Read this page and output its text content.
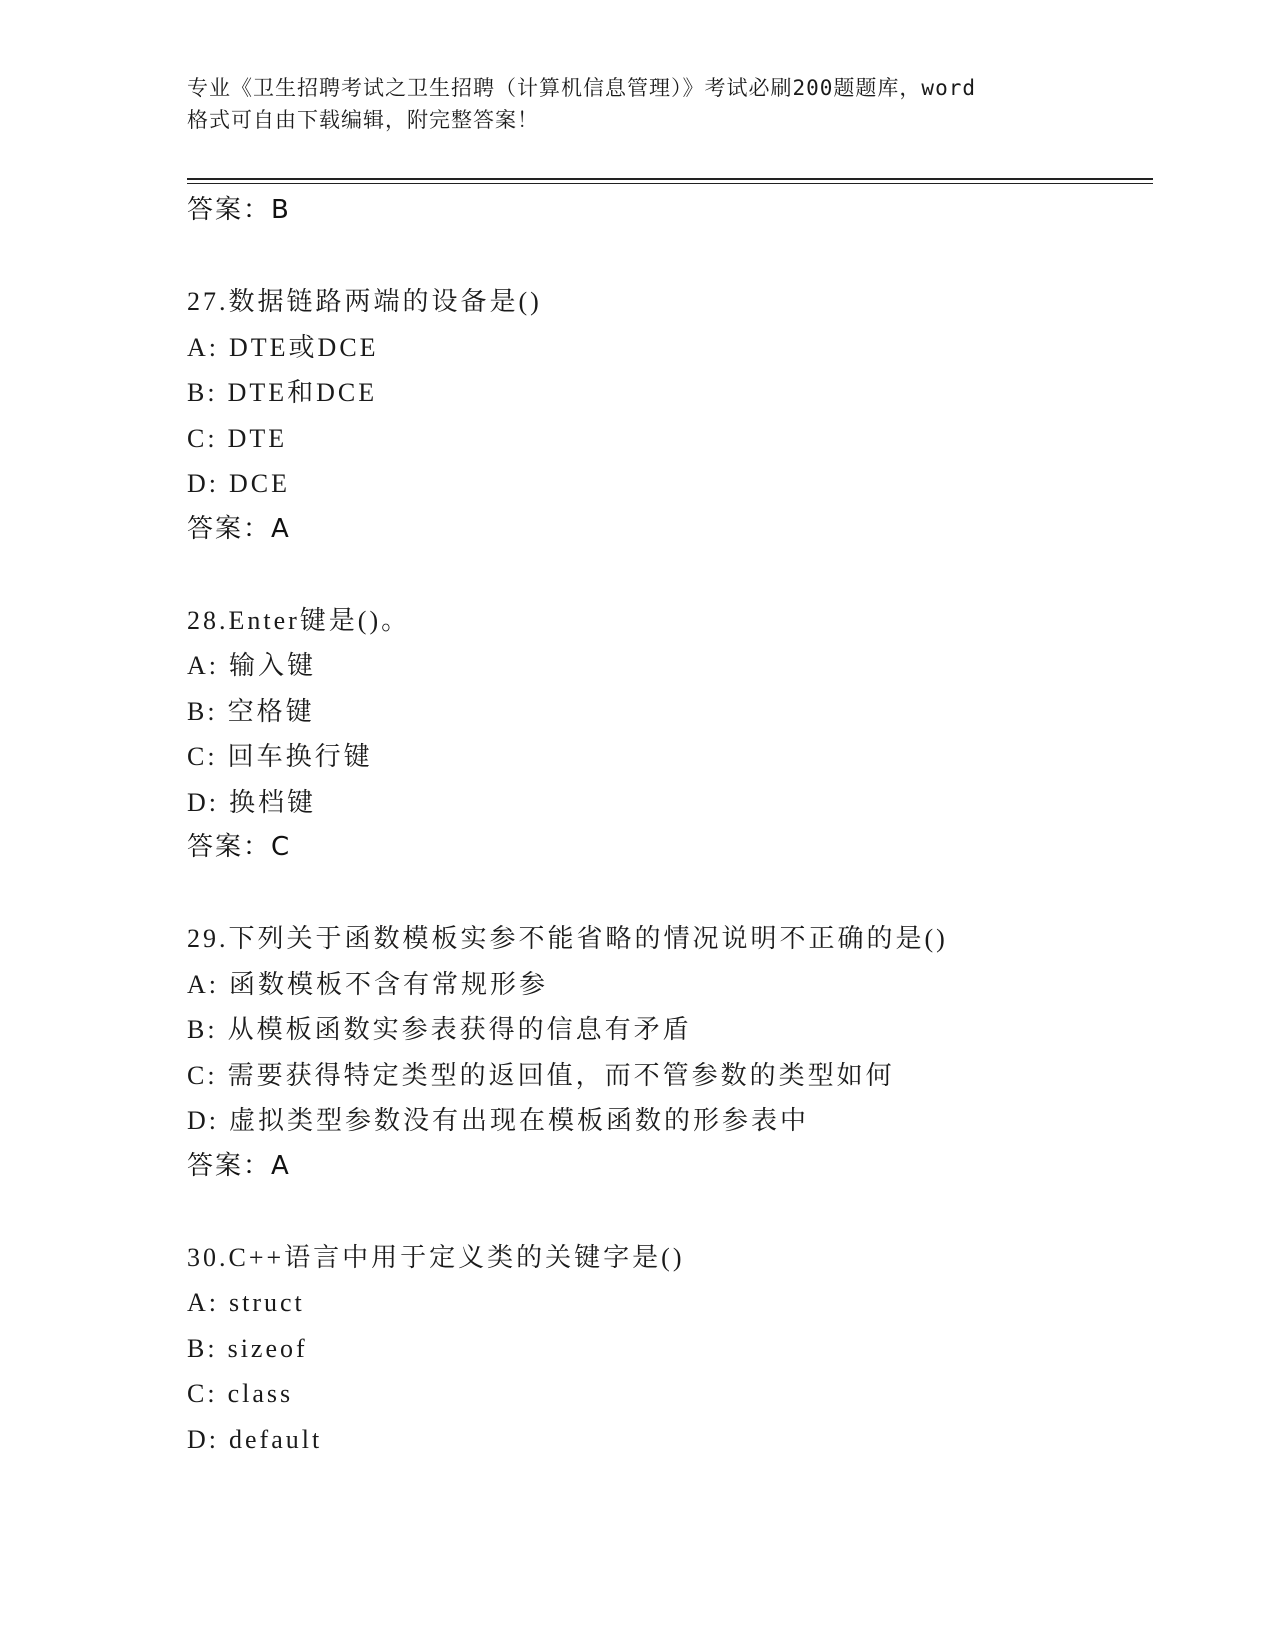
专业《卫生招聘考试之卫生招聘（计算机信息管理）》考试必刷200题题库，word
格式可自由下载编辑，附完整答案！
答案：B
27.数据链路两端的设备是()
A: DTE或DCE
B: DTE和DCE
C: DTE
D: DCE
答案：A
28.Enter键是()。
A: 输入键
B: 空格键
C: 回车换行键
D: 换档键
答案：C
29.下列关于函数模板实参不能省略的情况说明不正确的是()
A: 函数模板不含有常规形参
B: 从模板函数实参表获得的信息有矛盾
C: 需要获得特定类型的返回值，而不管参数的类型如何
D: 虚拟类型参数没有出现在模板函数的形参表中
答案：A
30.C++语言中用于定义类的关键字是()
A: struct
B: sizeof
C: class
D: default
